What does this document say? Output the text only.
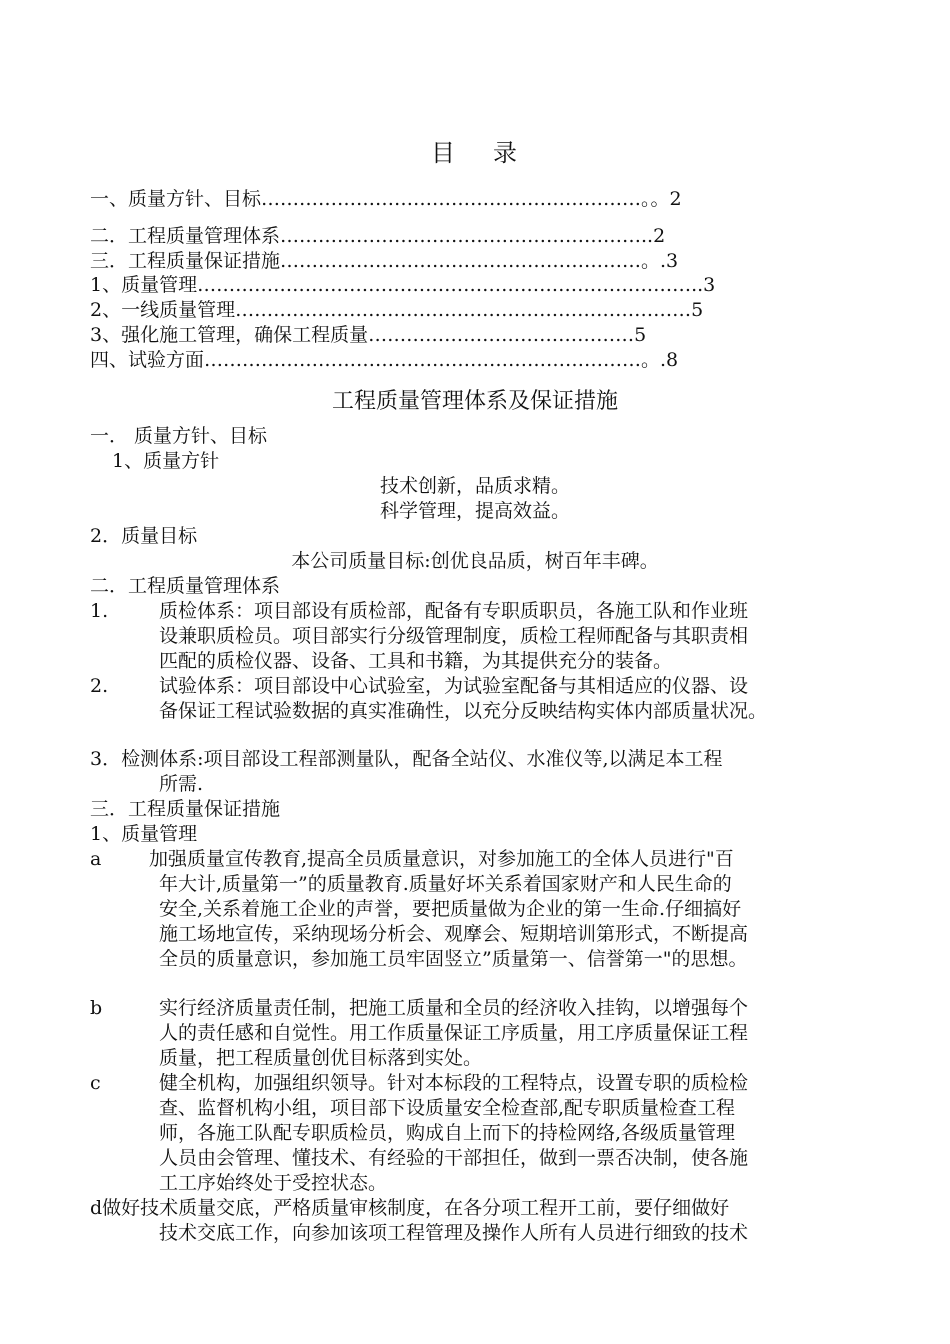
目 录
一、质量方针、目标……………………………………………………。。2
二．工程质量管理体系…………………………………………………..2
三．工程质量保证措施…………………………………………………。.3
1、质量管理……………………………………………………………………..3
2、一线质量管理………………………………………………………………5
3、强化施工管理，确保工程质量……………………………………5
四、试验方面……………………………………………………………。.8
工程质量管理体系及保证措施
一． 质量方针、目标
1、质量方针
技术创新，品质求精。
科学管理，提高效益。
2．质量目标
本公司质量目标:创优良品质，树百年丰碑。
二．工程质量管理体系
1.	质检体系：项目部设有质检部，配备有专职质职员，各施工队和作业班
设兼职质检员。项目部实行分级管理制度，质检工程师配备与其职责相
匹配的质检仪器、设备、工具和书籍，为其提供充分的装备。
2.	试验体系：项目部设中心试验室，为试验室配备与其相适应的仪器、设
备保证工程试验数据的真实准确性，以充分反映结构实体内部质量状况。
3．检测体系:项目部设工程部测量队，配备全站仪、水准仪等,以满足本工程
所需.
三．工程质量保证措施
1、质量管理
a	加强质量宣传教育,提高全员质量意识，对参加施工的全体人员进行"百
年大计,质量第一”的质量教育.质量好坏关系着国家财产和人民生命的
安全,关系着施工企业的声誉，要把质量做为企业的第一生命.仔细搞好
施工场地宣传，采纳现场分析会、观摩会、短期培训第形式，不断提高
全员的质量意识，参加施工员牢固竖立”质量第一、信誉第一"的思想。
b	实行经济质量责任制，把施工质量和全员的经济收入挂钩，以增强每个
人的责任感和自觉性。用工作质量保证工序质量，用工序质量保证工程
质量，把工程质量创优目标落到实处。
c	健全机构，加强组织领导。针对本标段的工程特点，设置专职的质检检
查、监督机构小组，项目部下设质量安全检查部,配专职质量检查工程
师，各施工队配专职质检员，购成自上而下的持检网络,各级质量管理
人员由会管理、懂技术、有经验的干部担任，做到一票否决制，使各施
工工序始终处于受控状态。
d做好技术质量交底，严格质量审核制度，在各分项工程开工前，要仔细做好
技术交底工作，向参加该项工程管理及操作人所有人员进行细致的技术
